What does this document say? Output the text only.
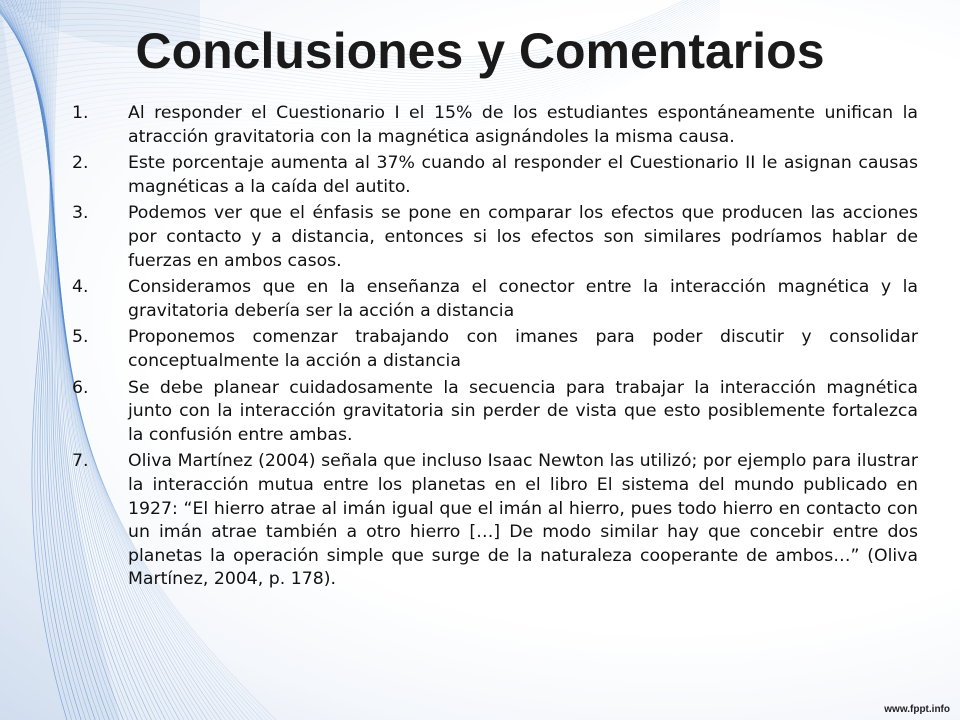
Conclusiones y Comentarios
1.	Al responder el Cuestionario I el 15% de los estudiantes espontáneamente unifican la atracción gravitatoria con la magnética asignándoles la misma causa.
2.	Este porcentaje aumenta al 37% cuando al responder el Cuestionario II le asignan causas magnéticas a la caída del autito.
3.	Podemos ver que el énfasis se pone en comparar los efectos que producen las acciones por contacto y a distancia, entonces si los efectos son similares podríamos hablar de fuerzas en ambos casos.
4.	Consideramos que en la enseñanza el conector entre la interacción magnética y la gravitatoria debería ser la acción a distancia
5.	Proponemos comenzar trabajando con imanes para poder discutir y consolidar conceptualmente la acción a distancia
6.	Se debe planear cuidadosamente la secuencia para trabajar la interacción magnética junto con la interacción gravitatoria sin perder de vista que esto posiblemente fortalezca la confusión entre ambas.
7.	Oliva Martínez (2004) señala que incluso Isaac Newton las utilizó; por ejemplo para ilustrar la interacción mutua entre los planetas en el libro El sistema del mundo publicado en 1927: “El hierro atrae al imán igual que el imán al hierro, pues todo hierro en contacto con un imán atrae también a otro hierro […] De modo similar hay que concebir entre dos planetas la operación simple que surge de la naturaleza cooperante de ambos…” (Oliva Martínez, 2004, p. 178).
www.fppt.info
